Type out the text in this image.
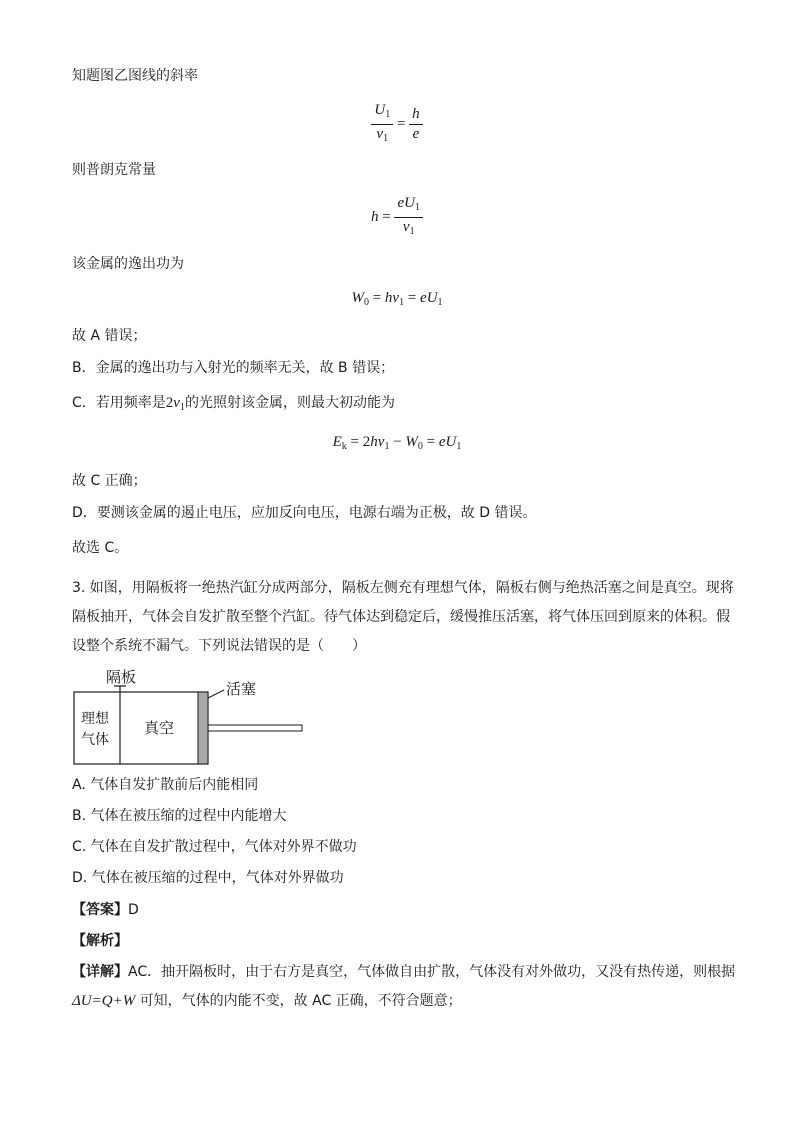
知题图乙图线的斜率
$\frac{U_1}{\nu_1} = \frac{h}{e}$
则普朗克常量
$h = \frac{eU_1}{\nu_1}$
该金属的逸出功为
$W_0 = h\nu_1 = eU_1$
故 A 错误；
B．金属的逸出功与入射光的频率无关，故 B 错误；
C．若用频率是$2\nu_1$的光照射该金属，则最大初动能为
$E_k = 2h\nu_1 - W_0 = eU_1$
故 C 正确；
D．要测该金属的遏止电压，应加反向电压，电源右端为正极，故 D 错误。
故选 C。
3. 如图，用隔板将一绝热汽缸分成两部分，隔板左侧充有理想气体，隔板右侧与绝热活塞之间是真空。现将隔板抽开，气体会自发扩散至整个汽缸。待气体达到稳定后，缓慢推压活塞，将气体压回到原来的体积。假设整个系统不漏气。下列说法错误的是（　　）
隔板
活塞
理想
气体
真空
A. 气体自发扩散前后内能相同
B. 气体在被压缩的过程中内能增大
C. 气体在自发扩散过程中，气体对外界不做功
D. 气体在被压缩的过程中，气体对外界做功
【答案】D
【解析】
【详解】AC．抽开隔板时，由于右方是真空，气体做自由扩散，气体没有对外做功，又没有热传递，则根据ΔU=Q+W 可知，气体的内能不变，故 AC 正确，不符合题意；
